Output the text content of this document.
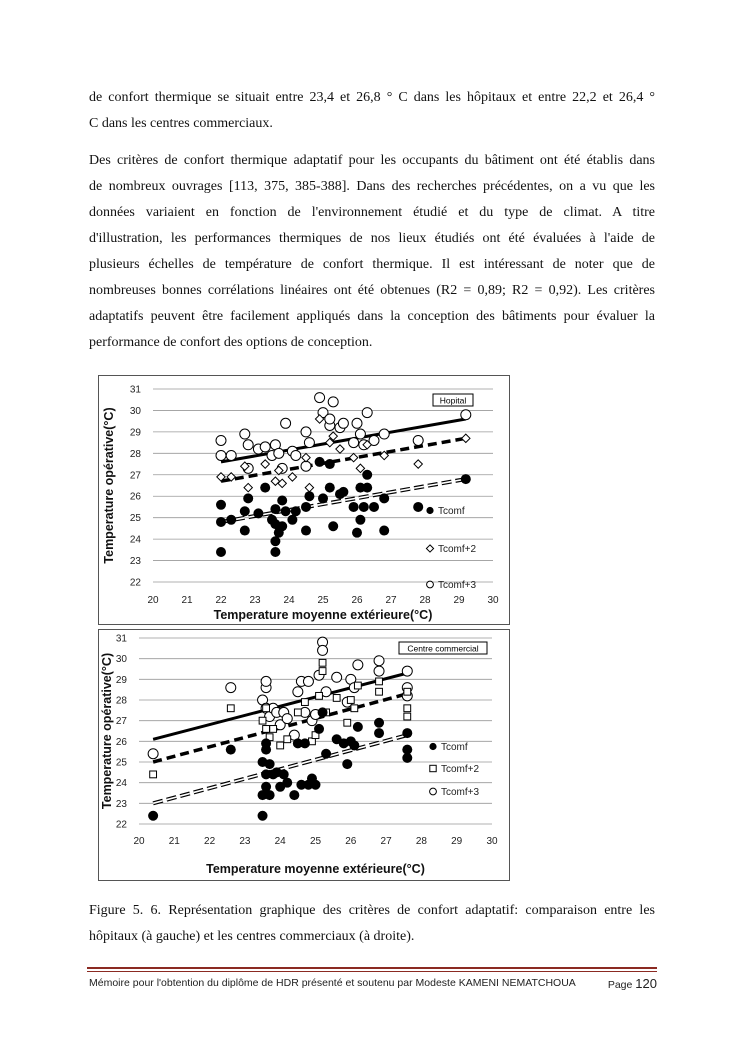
de confort thermique se situait entre 23,4 et 26,8 ° C dans les hôpitaux et entre 22,2 et 26,4 °
C dans les centres commerciaux.
Des critères de confort thermique adaptatif pour les occupants du bâtiment ont été établis dans
de nombreux ouvrages [113, 375, 385-388]. Dans des recherches précédentes, on a vu que les
données variaient en fonction de l'environnement étudié et du type de climat. A titre
d'illustration, les performances thermiques de nos lieux étudiés ont été évaluées à l'aide de
plusieurs échelles de température de confort thermique. Il est intéressant de noter que de
nombreuses bonnes corrélations linéaires ont été obtenues (R2 = 0,89; R2 = 0,92). Les critères
adaptatifs peuvent être facilement appliqués dans la conception des bâtiments pour évaluer la
performance de confort des options de conception.
22
23
24
25
26
27
28
29
30
31
20 21 22 23 24 25 26 27 28 29 30
Hopital
Tcomf
Tcomf+2
Tcomf+3
Temperature moyenne extérieure(°C)
Temperature opérative(°C)
22
23
24
25
26
27
28
29
30
31
20 21 22 23 24 25 26 27 28 29 30
Centre commercial
Tcomf
Tcomf+2
Tcomf+3
Temperature moyenne extérieure(°C)
Temperature opérative(°C)
Figure 5. 6. Représentation graphique des critères de confort adaptatif: comparaison entre les
hôpitaux (à gauche) et les centres commerciaux (à droite).
Mémoire pour l'obtention du diplôme de HDR présenté et soutenu par Modeste KAMENI NEMATCHOUA	Page 120
